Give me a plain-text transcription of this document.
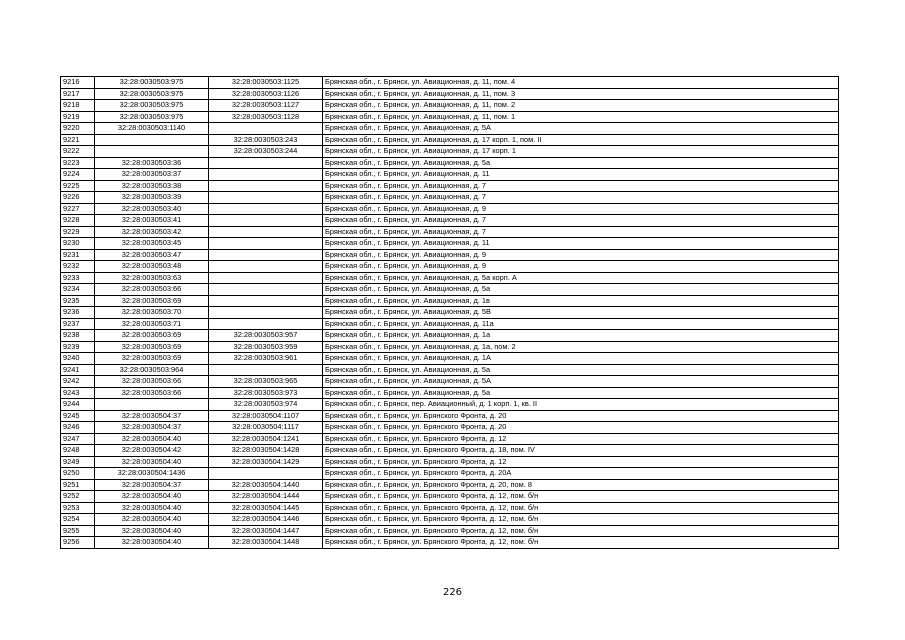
9216	32:28:0030503:975	32:28:0030503:1125	Брянская обл., г. Брянск, ул. Авиационная, д. 11, пом. 4
9217	32:28:0030503:975	32:28:0030503:1126	Брянская обл., г. Брянск, ул. Авиационная, д. 11, пом. 3
9218	32:28:0030503:975	32:28:0030503:1127	Брянская обл., г. Брянск, ул. Авиационная, д. 11, пом. 2
9219	32:28:0030503:975	32:28:0030503:1128	Брянская обл., г. Брянск, ул. Авиационная, д. 11, пом. 1
9220	32:28:0030503:1140		Брянская обл., г. Брянск, ул. Авиационная, д. 5А
9221		32:28:0030503:243	Брянская обл., г. Брянск, ул. Авиационная, д. 17 корп. 1, пом. II
9222		32:28:0030503:244	Брянская обл., г. Брянск, ул. Авиационная, д. 17 корп. 1
9223	32:28:0030503:36		Брянская обл., г. Брянск, ул. Авиационная, д. 5а
9224	32:28:0030503:37		Брянская обл., г. Брянск, ул. Авиационная, д. 11
9225	32:28:0030503:38		Брянская обл., г. Брянск, ул. Авиационная, д. 7
9226	32:28:0030503:39		Брянская обл., г. Брянск, ул. Авиационная, д. 7
9227	32:28:0030503:40		Брянская обл., г. Брянск, ул. Авиационная, д. 9
9228	32:28:0030503:41		Брянская обл., г. Брянск, ул. Авиационная, д. 7
9229	32:28:0030503:42		Брянская обл., г. Брянск, ул. Авиационная, д. 7
9230	32:28:0030503:45		Брянская обл., г. Брянск, ул. Авиационная, д. 11
9231	32:28:0030503:47		Брянская обл., г. Брянск, ул. Авиационная, д. 9
9232	32:28:0030503:48		Брянская обл., г. Брянск, ул. Авиационная, д. 9
9233	32:28:0030503:63		Брянская обл., г. Брянск, ул. Авиационная, д. 5а корп. А
9234	32:28:0030503:66		Брянская обл., г. Брянск, ул. Авиационная, д. 5а
9235	32:28:0030503:69		Брянская обл., г. Брянск, ул. Авиационная, д. 1в
9236	32:28:0030503:70		Брянская обл., г. Брянск, ул. Авиационная, д. 5В
9237	32:28:0030503:71		Брянская обл., г. Брянск, ул. Авиационная, д. 11а
9238	32:28:0030503:69	32:28:0030503:957	Брянская обл., г. Брянск, ул. Авиационная, д. 1а
9239	32:28:0030503:69	32:28:0030503:959	Брянская обл., г. Брянск, ул. Авиационная, д. 1а, пом. 2
9240	32:28:0030503:69	32:28:0030503:961	Брянская обл., г. Брянск, ул. Авиационная, д. 1А
9241	32:28:0030503:964		Брянская обл., г. Брянск, ул. Авиационная, д. 5а
9242	32:28:0030503:66	32:28:0030503:965	Брянская обл., г. Брянск, ул. Авиационная, д. 5А
9243	32:28:0030503:66	32:28:0030503:973	Брянская обл., г. Брянск, ул. Авиационная, д. 5а
9244		32:28:0030503:974	Брянская обл., г. Брянск, пер. Авиационный, д. 1 корп. 1, кв. II
9245	32:28:0030504:37	32:28:0030504:1107	Брянская обл., г. Брянск, ул. Брянского Фронта, д. 20
9246	32:28:0030504:37	32:28:0030504:1117	Брянская обл., г. Брянск, ул. Брянского Фронта, д. 20
9247	32:28:0030504:40	32:28:0030504:1241	Брянская обл., г. Брянск, ул. Брянского Фронта, д. 12
9248	32:28:0030504:42	32:28:0030504:1428	Брянская обл., г. Брянск, ул. Брянского Фронта, д. 18, пом. IV
9249	32:28:0030504:40	32:28:0030504:1429	Брянская обл., г. Брянск, ул. Брянского Фронта, д. 12
9250	32:28:0030504:1436		Брянская обл., г. Брянск, ул. Брянского Фронта, д. 20А
9251	32:28:0030504:37	32:28:0030504:1440	Брянская обл., г. Брянск, ул. Брянского Фронта, д. 20, пом. 8
9252	32:28:0030504:40	32:28:0030504:1444	Брянская обл., г. Брянск, ул. Брянского Фронта, д. 12, пом. б/н
9253	32:28:0030504:40	32:28:0030504:1445	Брянская обл., г. Брянск, ул. Брянского Фронта, д. 12, пом. б/н
9254	32:28:0030504:40	32:28:0030504:1446	Брянская обл., г. Брянск, ул. Брянского Фронта, д. 12, пом. б/н
9255	32:28:0030504:40	32:28:0030504:1447	Брянская обл., г. Брянск, ул. Брянского Фронта, д. 12, пом. б/н
9256	32:28:0030504:40	32:28:0030504:1448	Брянская обл., г. Брянск, ул. Брянского Фронта, д. 12, пом. б/н
226
